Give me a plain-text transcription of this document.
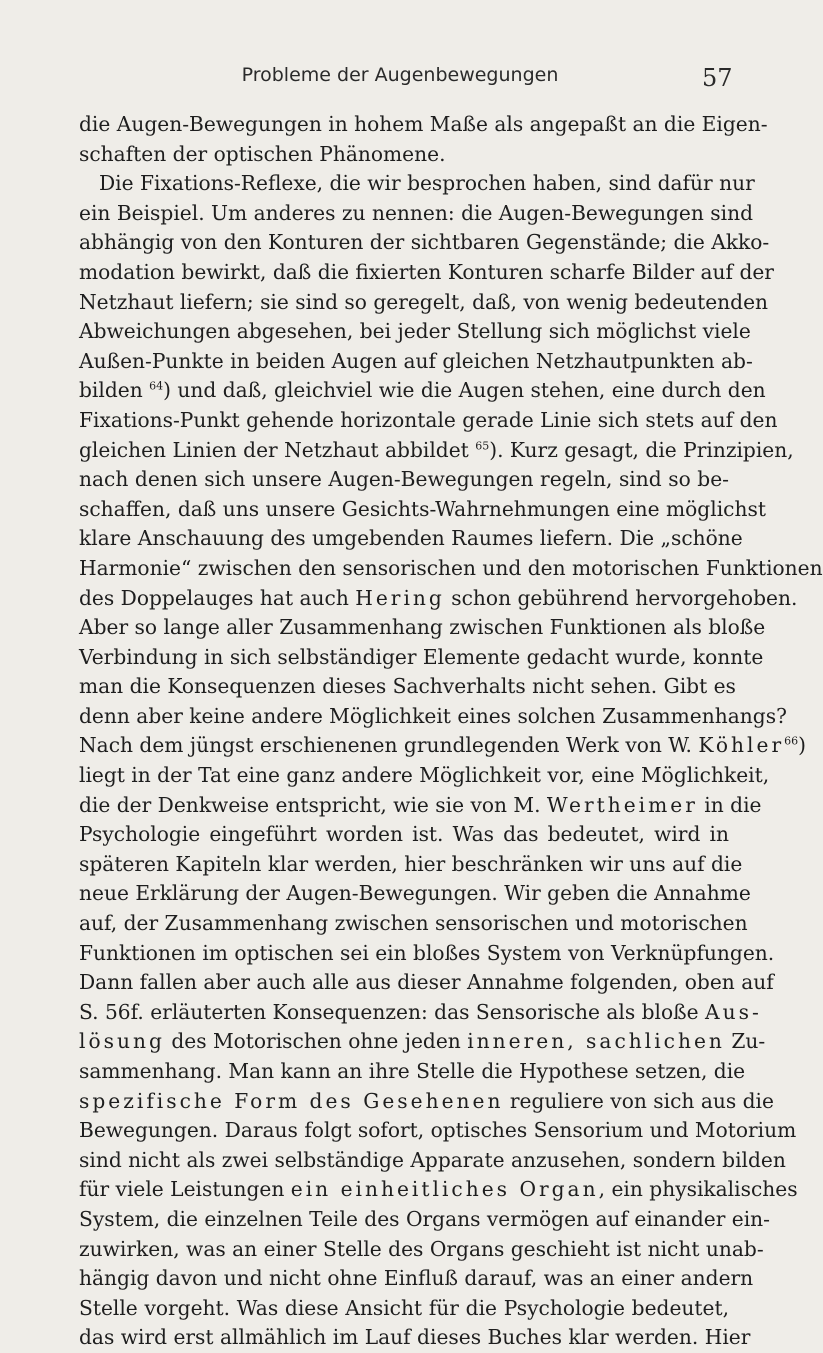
Probleme der Augenbewegungen	57
die Augen-Bewegungen in hohem Maße als angepaßt an die Eigen-
schaften der optischen Phänomene.
Die Fixations-Reflexe, die wir besprochen haben, sind dafür nur
ein Beispiel. Um anderes zu nennen: die Augen-Bewegungen sind
abhängig von den Konturen der sichtbaren Gegenstände; die Akko-
modation bewirkt, daß die fixierten Konturen scharfe Bilder auf der
Netzhaut liefern; sie sind so geregelt, daß, von wenig bedeutenden
Abweichungen abgesehen, bei jeder Stellung sich möglichst viele
Außen-Punkte in beiden Augen auf gleichen Netzhautpunkten ab-
bilden $^{64}$) und daß, gleichviel wie die Augen stehen, eine durch den
Fixations-Punkt gehende horizontale gerade Linie sich stets auf den
gleichen Linien der Netzhaut abbildet $^{65}$). Kurz gesagt, die Prinzipien,
nach denen sich unsere Augen-Bewegungen regeln, sind so be-
schaffen, daß uns unsere Gesichts-Wahrnehmungen eine möglichst
klare Anschauung des umgebenden Raumes liefern. Die „schöne
Harmonie“ zwischen den sensorischen und den motorischen Funktionen
des Doppelauges hat auch Hering schon gebührend hervorgehoben.
Aber so lange aller Zusammenhang zwischen Funktionen als bloße
Verbindung in sich selbständiger Elemente gedacht wurde, konnte
man die Konsequenzen dieses Sachverhalts nicht sehen. Gibt es
denn aber keine andere Möglichkeit eines solchen Zusammenhangs?
Nach dem jüngst erschienenen grundlegenden Werk von W. Köhler$^{66}$)
liegt in der Tat eine ganz andere Möglichkeit vor, eine Möglichkeit,
die der Denkweise entspricht, wie sie von M. Wertheimer in die
Psychologie eingeführt worden ist. Was das bedeutet, wird in
späteren Kapiteln klar werden, hier beschränken wir uns auf die
neue Erklärung der Augen-Bewegungen. Wir geben die Annahme
auf, der Zusammenhang zwischen sensorischen und motorischen
Funktionen im optischen sei ein bloßes System von Verknüpfungen.
Dann fallen aber auch alle aus dieser Annahme folgenden, oben auf
S. 56f. erläuterten Konsequenzen: das Sensorische als bloße Aus-
lösung des Motorischen ohne jeden inneren, sachlichen Zu-
sammenhang. Man kann an ihre Stelle die Hypothese setzen, die
spezifische Form des Gesehenen reguliere von sich aus die
Bewegungen. Daraus folgt sofort, optisches Sensorium und Motorium
sind nicht als zwei selbständige Apparate anzusehen, sondern bilden
für viele Leistungen ein einheitliches Organ, ein physikalisches
System, die einzelnen Teile des Organs vermögen auf einander ein-
zuwirken, was an einer Stelle des Organs geschieht ist nicht unab-
hängig davon und nicht ohne Einfluß darauf, was an einer andern
Stelle vorgeht. Was diese Ansicht für die Psychologie bedeutet,
das wird erst allmählich im Lauf dieses Buches klar werden. Hier
